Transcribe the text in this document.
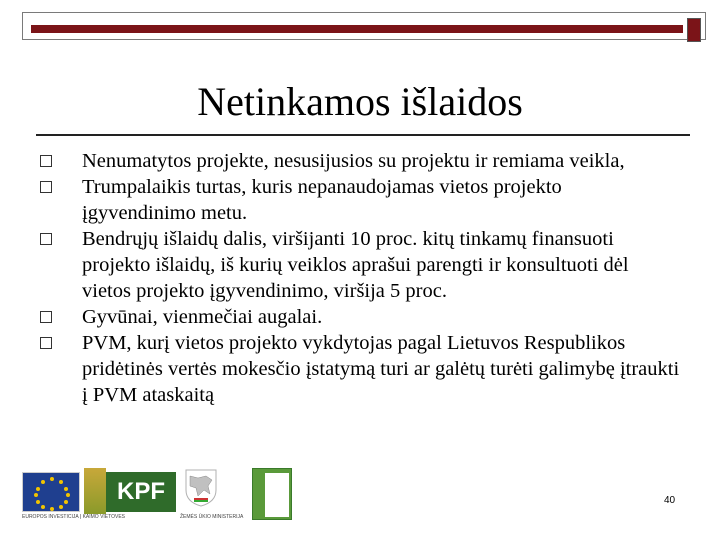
Netinkamos išlaidos
Nenumatytos projekte, nesusijusios su projektu ir remiama veikla,
Trumpalaikis turtas, kuris nepanaudojamas vietos projekto įgyvendinimo metu.
Bendrųjų išlaidų dalis, viršijanti 10 proc. kitų tinkamų finansuoti projekto išlaidų, iš kurių veiklos aprašui parengti ir konsultuoti dėl vietos projekto įgyvendinimo, viršija 5 proc.
Gyvūnai, vienmečiai augalai.
PVM, kurį vietos projekto vykdytojas pagal Lietuvos Respublikos pridėtinės vertės mokesčio įstatymą turi ar galėtų turėti galimybę įtraukti į PVM ataskaitą
KPF
EUROPOS INVESTICIJA Į KAIMO VIETOVES	ŽEMĖS ŪKIO MINISTERIJA
40
